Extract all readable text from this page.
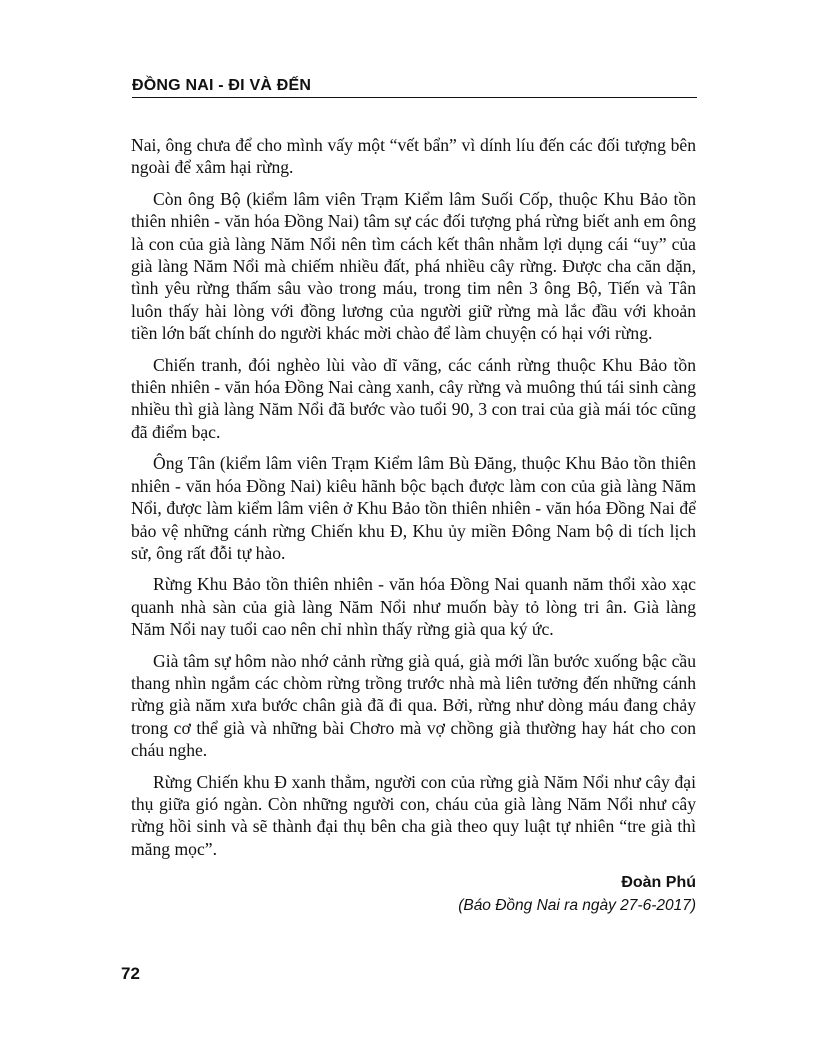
ĐỒNG NAI - ĐI VÀ ĐẾN

Nai, ông chưa để cho mình vấy một “vết bẩn” vì dính líu đến các đối tượng bên ngoài để xâm hại rừng.

Còn ông Bộ (kiểm lâm viên Trạm Kiểm lâm Suối Cốp, thuộc Khu Bảo tồn thiên nhiên - văn hóa Đồng Nai) tâm sự các đối tượng phá rừng biết anh em ông là con của già làng Năm Nổi nên tìm cách kết thân nhằm lợi dụng cái “uy” của già làng Năm Nổi mà chiếm nhiều đất, phá nhiều cây rừng. Được cha căn dặn, tình yêu rừng thấm sâu vào trong máu, trong tim nên 3 ông Bộ, Tiến và Tân luôn thấy hài lòng với đồng lương của người giữ rừng mà lắc đầu với khoản tiền lớn bất chính do người khác mời chào để làm chuyện có hại với rừng.

Chiến tranh, đói nghèo lùi vào dĩ vãng, các cánh rừng thuộc Khu Bảo tồn thiên nhiên - văn hóa Đồng Nai càng xanh, cây rừng và muông thú tái sinh càng nhiều thì già làng Năm Nổi đã bước vào tuổi 90, 3 con trai của già mái tóc cũng đã điểm bạc.

Ông Tân (kiểm lâm viên Trạm Kiểm lâm Bù Đăng, thuộc Khu Bảo tồn thiên nhiên - văn hóa Đồng Nai) kiêu hãnh bộc bạch được làm con của già làng Năm Nổi, được làm kiểm lâm viên ở Khu Bảo tồn thiên nhiên - văn hóa Đồng Nai để bảo vệ những cánh rừng Chiến khu Đ, Khu ủy miền Đông Nam bộ di tích lịch sử, ông rất đỗi tự hào.

Rừng Khu Bảo tồn thiên nhiên - văn hóa Đồng Nai quanh năm thổi xào xạc quanh nhà sàn của già làng Năm Nổi như muốn bày tỏ lòng tri ân. Già làng Năm Nổi nay tuổi cao nên chỉ nhìn thấy rừng già qua ký ức.

Già tâm sự hôm nào nhớ cảnh rừng già quá, già mới lần bước xuống bậc cầu thang nhìn ngắm các chòm rừng trồng trước nhà mà liên tưởng đến những cánh rừng già năm xưa bước chân già đã đi qua. Bởi, rừng như dòng máu đang chảy trong cơ thể già và những bài Chơro mà vợ chồng già thường hay hát cho con cháu nghe.

Rừng Chiến khu Đ xanh thẳm, người con của rừng già Năm Nổi như cây đại thụ giữa gió ngàn. Còn những người con, cháu của già làng Năm Nổi như cây rừng hồi sinh và sẽ thành đại thụ bên cha già theo quy luật tự nhiên “tre già thì măng mọc”.

Đoàn Phú
(Báo Đồng Nai ra ngày 27-6-2017)
72
